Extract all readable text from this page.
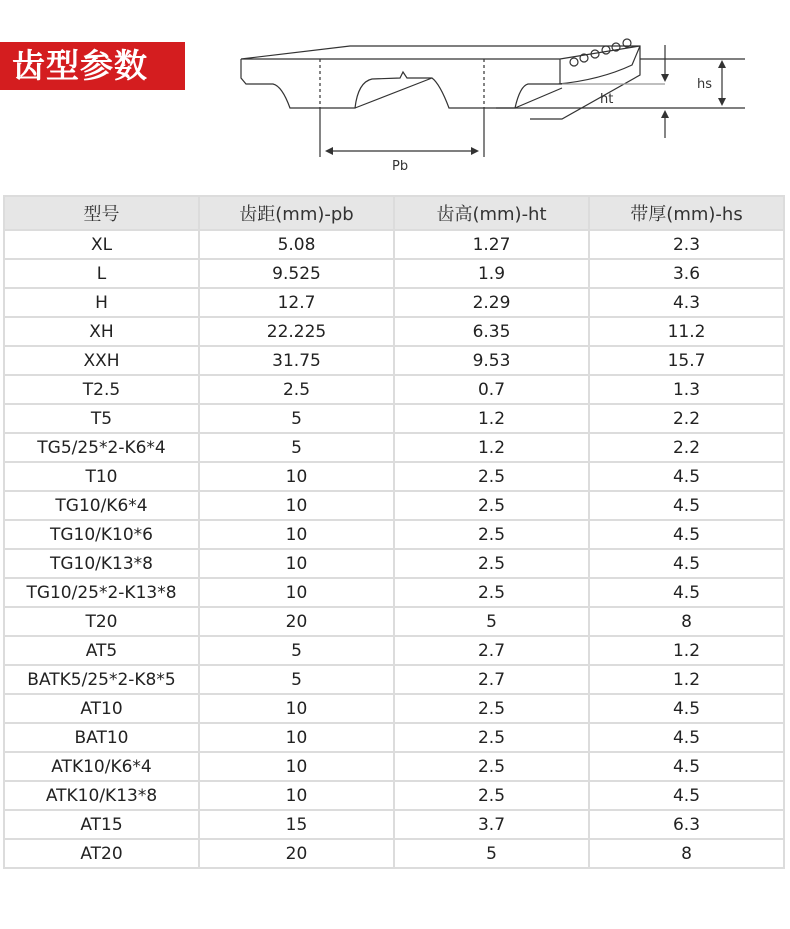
齿型参数
Pb
ht
hs
型号	齿距(mm)-pb	齿高(mm)-ht	带厚(mm)-hs
XL	5.08	1.27	2.3
L	9.525	1.9	3.6
H	12.7	2.29	4.3
XH	22.225	6.35	11.2
XXH	31.75	9.53	15.7
T2.5	2.5	0.7	1.3
T5	5	1.2	2.2
TG5/25*2-K6*4	5	1.2	2.2
T10	10	2.5	4.5
TG10/K6*4	10	2.5	4.5
TG10/K10*6	10	2.5	4.5
TG10/K13*8	10	2.5	4.5
TG10/25*2-K13*8	10	2.5	4.5
T20	20	5	8
AT5	5	2.7	1.2
BATK5/25*2-K8*5	5	2.7	1.2
AT10	10	2.5	4.5
BAT10	10	2.5	4.5
ATK10/K6*4	10	2.5	4.5
ATK10/K13*8	10	2.5	4.5
AT15	15	3.7	6.3
AT20	20	5	8
